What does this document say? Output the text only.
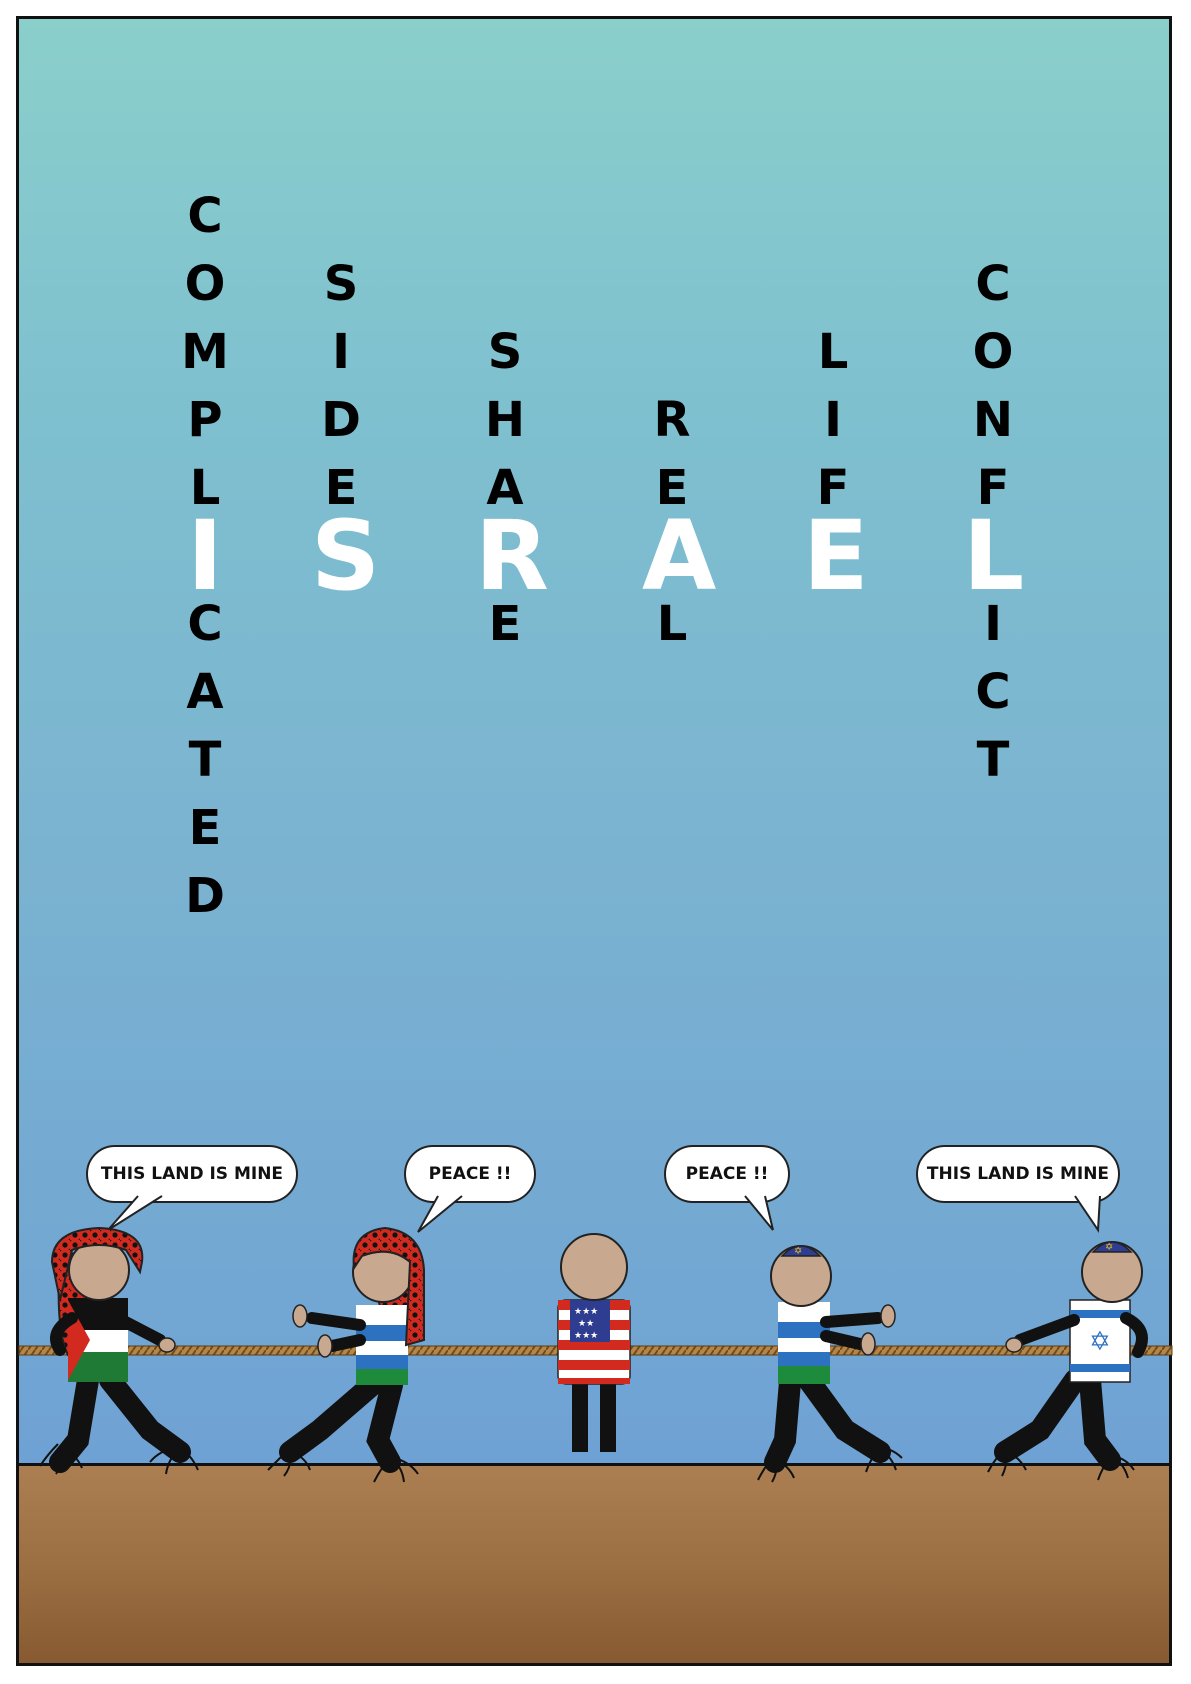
C
O
M
P
L
I
C
A
T
E
D
S
I
D
E
S
S
H
A
R
E
R
E
A
L
L
I
F
E
C
O
N
F
L
I
C
T
THIS LAND IS MINE	PEACE !!	PEACE !!	THIS LAND IS MINE
★★★
★★
★★★
✡
✡
✡
